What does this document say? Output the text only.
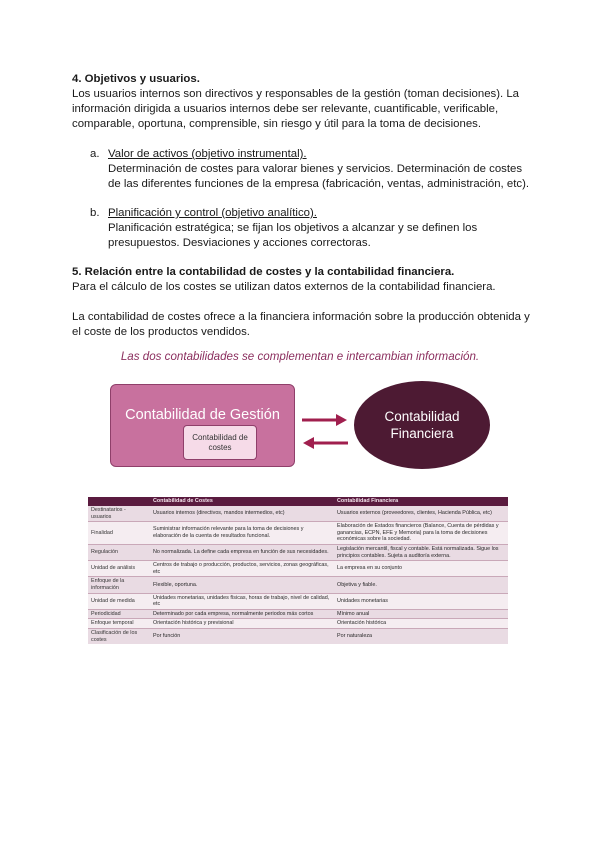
4. Objetivos y usuarios.
Los usuarios internos son directivos y responsables de la gestión (toman decisiones). La información dirigida a usuarios internos debe ser relevante, cuantificable, verificable, comparable, oportuna, comprensible, sin riesgo y útil para la toma de decisiones.
a. Valor de activos (objetivo instrumental).
Determinación de costes para valorar bienes y servicios. Determinación de costes de las diferentes funciones de la empresa (fabricación, ventas, administración, etc).
b. Planificación y control (objetivo analítico).
Planificación estratégica; se fijan los objetivos a alcanzar y se definen los presupuestos. Desviaciones y acciones correctoras.
5. Relación entre la contabilidad de costes y la contabilidad financiera.
Para el cálculo de los costes se utilizan datos externos de la contabilidad financiera.
La contabilidad de costes ofrece a la financiera información sobre la producción obtenida y el coste de los productos vendidos.
Las dos contabilidades se complementan e intercambian información.
Contabilidad de Gestión
Contabilidad de costes
Contabilidad
Financiera
	Contabilidad de Costes	Contabilidad Financiera
Destinatarios - usuarios	Usuarios internos (directivos, mandos intermedios, etc)	Usuarios externos (proveedores, clientes, Hacienda Pública, etc)
Finalidad	Suministrar información relevante para la toma de decisiones y elaboración de la cuenta de resultados funcional.	Elaboración de Estados financieros (Balance, Cuenta de pérdidas y ganancias, ECPN, EFE y Memoria) para la toma de decisiones económicas sobre la sociedad.
Regulación	No normalizada. La define cada empresa en función de sus necesidades.	Legislación mercantil, fiscal y contable. Está normalizada. Sigue los principios contables. Sujeta a auditoría externa.
Unidad de análisis	Centros de trabajo o producción, productos, servicios, zonas geográficas, etc	La empresa en su conjunto
Enfoque de la información	Flexible, oportuna.	Objetiva y fiable.
Unidad de medida	Unidades monetarias, unidades físicas, horas de trabajo, nivel de calidad, etc	Unidades monetarias
Periodicidad	Determinado por cada empresa, normalmente periodos más cortos	Mínimo anual
Enfoque temporal	Orientación histórica y previsional	Orientación histórica
Clasificación de los costes	Por función	Por naturaleza
